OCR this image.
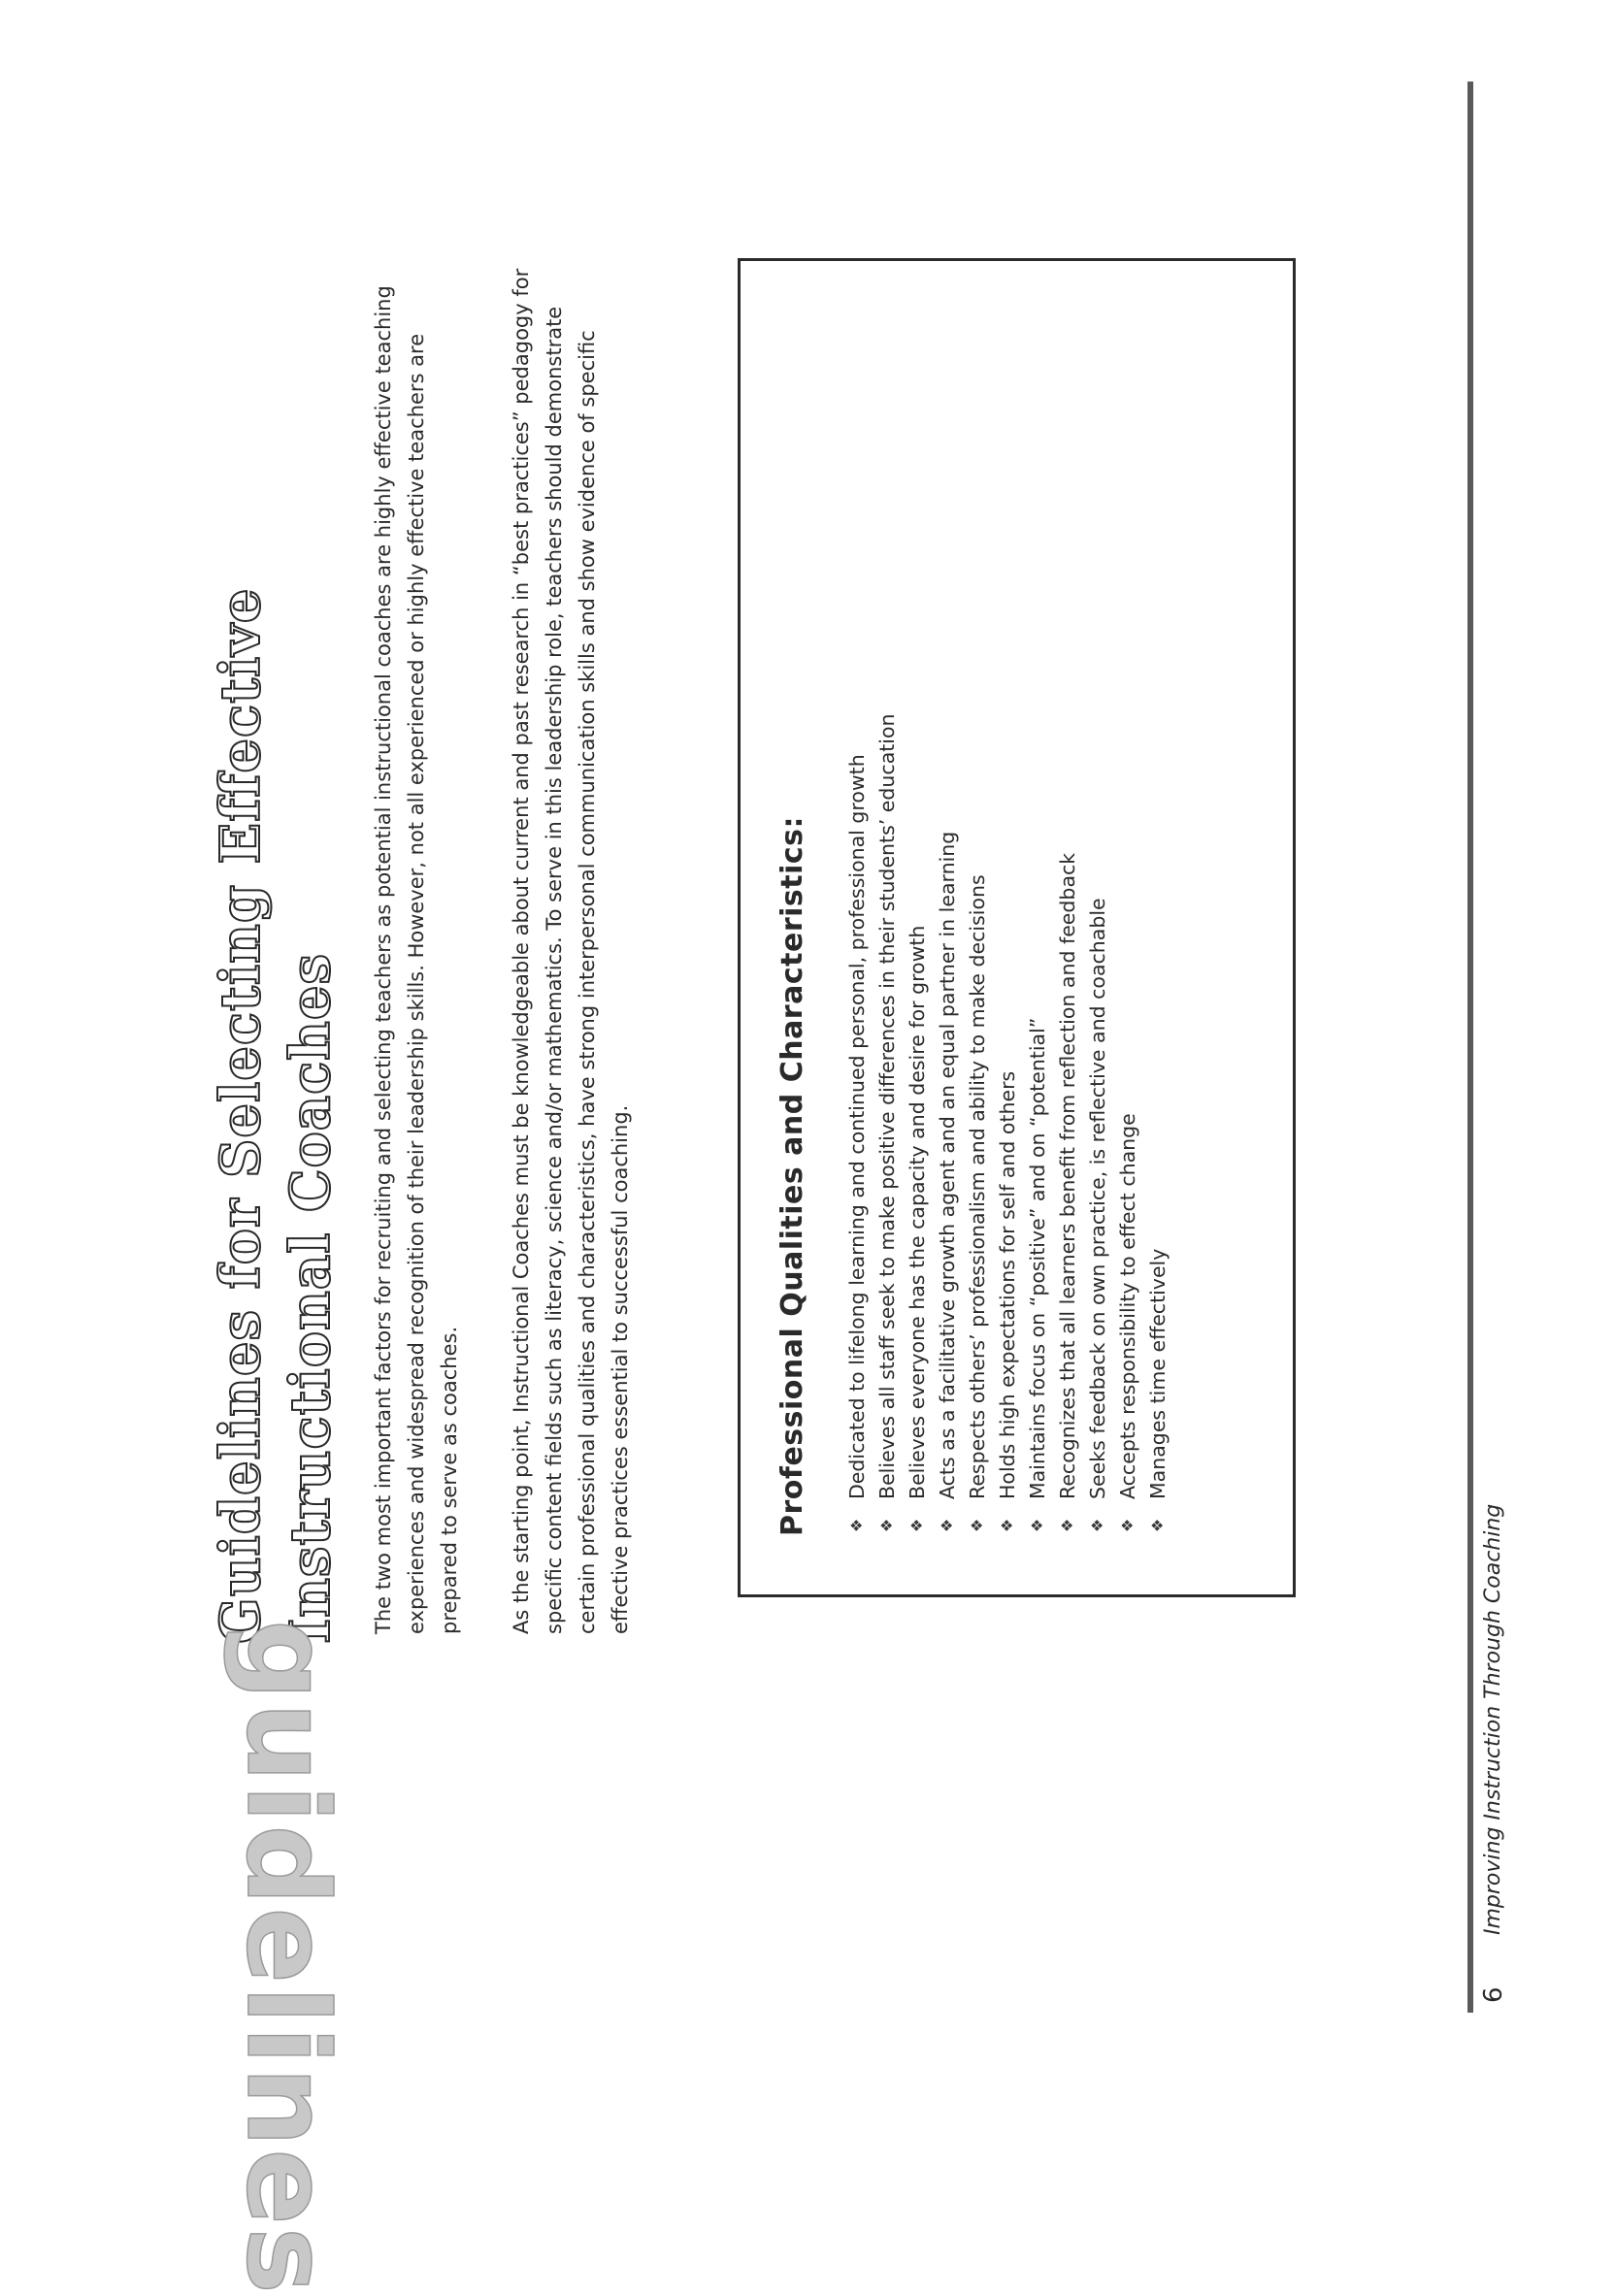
Guidelines for Selecting Effective Instructional Coaches The two most important factors for recruiting and selecting teachers as potential instructional coaches are highly effective teaching experiences and widespread recognition of their leadership skills. However, not all experienced or highly effective teachers are prepared to serve as coaches. As the starting point, Instructional Coaches must be knowledgeable about current and past research in “best practices” pedagogy for specific content fields such as literacy, science and/or mathematics. To serve in this leadership role, teachers should demonstrate certain professional qualities and characteristics, have strong interpersonal communication skills and show evidence of specific effective practices essential to successful coaching.	Professional Qualities and Characteristics:	❖
Dedicated to lifelong learning and continued personal, professional growth
❖
Believes all staff seek to make positive differences in their students’ education
❖
Believes everyone has the capacity and desire for growth
❖
Acts as a facilitative growth agent and an equal partner in learning
❖
Respects others’ professionalism and ability to make decisions
❖
Holds high expectations for self and others
❖
Maintains focus on “positive” and on “potential”
❖
Recognizes that all learners benefit from reflection and feedback
❖
Seeks feedback on own practice, is reflective and coachable
❖
Accepts responsibility to effect change
❖
Manages time effectively
guidelines	6
Improving Instruction Through Coaching
